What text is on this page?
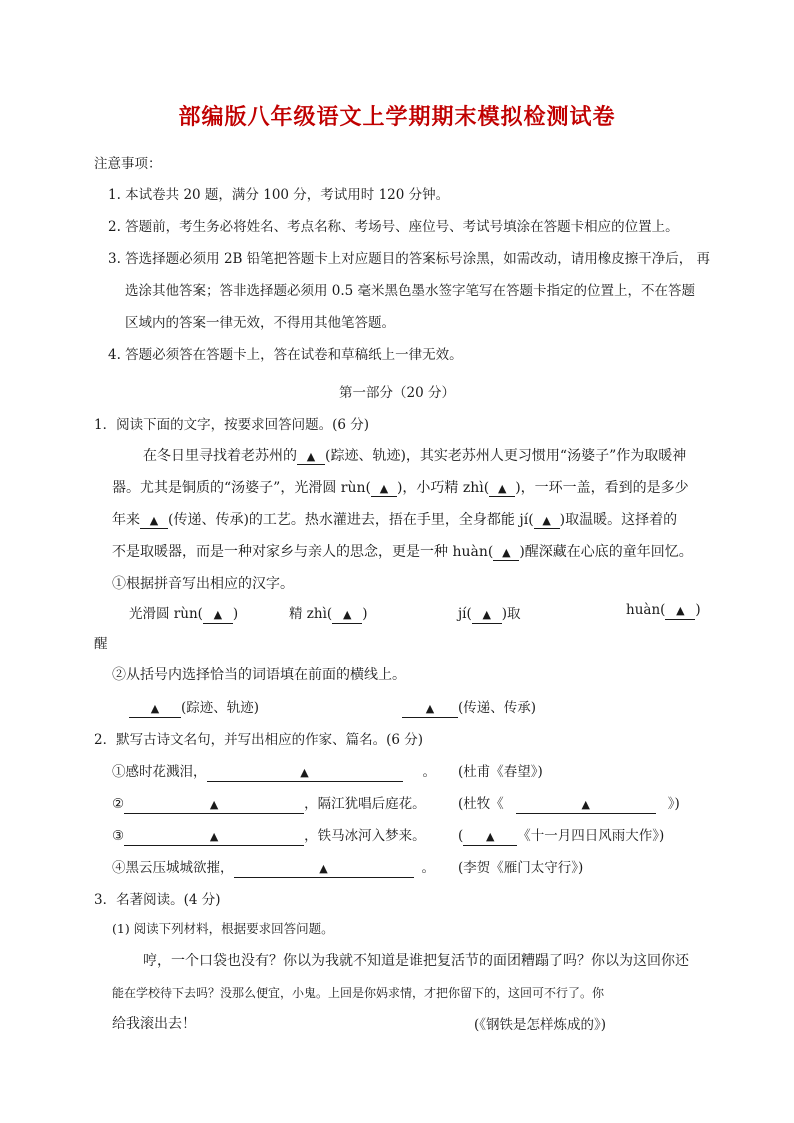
部编版八年级语文上学期期末模拟检测试卷
注意事项：
1. 本试卷共 20 题，满分 100 分，考试用时 120 分钟。
2. 答题前，考生务必将姓名、考点名称、考场号、座位号、考试号填涂在答题卡相应的位置上。
3. 答选择题必须用 2B 铅笔把答题卡上对应题目的答案标号涂黑，如需改动，请用橡皮擦干净后， 再
选涂其他答案；答非选择题必须用 0.5 毫米黑色墨水签字笔写在答题卡指定的位置上，不在答题
区域内的答案一律无效，不得用其他笔答题。
4. 答题必须答在答题卡上，答在试卷和草稿纸上一律无效。
第一部分（20 分）
1．阅读下面的文字，按要求回答问题。(6 分)
在冬日里寻找着老苏州的 ▲ (踪迹、轨迹)，其实老苏州人更习惯用“汤婆子”作为取暖神
器。尤其是铜质的“汤婆子”，光滑圆 rùn( ▲ )，小巧精 zhì( ▲ )，一环一盖，看到的是多少
年来 ▲ (传递、传承)的工艺。热水灌进去，捂在手里，全身都能 jí( ▲ )取温暖。这择着的
不是取暖器，而是一种对家乡与亲人的思念，更是一种 huàn( ▲ )醒深藏在心底的童年回忆。
①根据拼音写出相应的汉字。
光滑圆 rùn( ▲ )	精 zhì( ▲ )	jí( ▲ )取	huàn( ▲ )
醒
②从括号内选择恰当的词语填在前面的横线上。
▲ (踪迹、轨迹)	▲ (传递、传承)
2．默写古诗文名句，并写出相应的作家、篇名。(6 分)
①感时花溅泪，	▲	。 (杜甫《春望》)
②	▲	，隔江犹唱后庭花。 (杜牧《	▲	》)
③	▲	，铁马冰河入梦来。 ( ▲ 《十一月四日风雨大作》)
④黑云压城城欲摧，	▲	。 (李贺《雁门太守行》)
3．名著阅读。(4 分)
(1) 阅读下列材料，根据要求回答问题。
哼，一个口袋也没有？你以为我就不知道是谁把复活节的面团糟蹋了吗？你以为这回你还
能在学校待下去吗？没那么便宜，小鬼。上回是你妈求情，才把你留下的，这回可不行了。你
给我滚出去！	(《钢铁是怎样炼成的》)
